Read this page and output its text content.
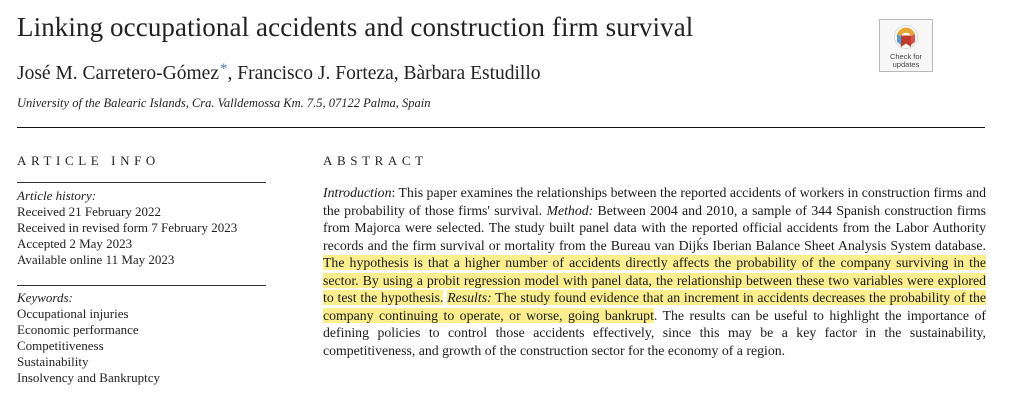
Linking occupational accidents and construction firm survival
José M. Carretero-Gómez*, Francisco J. Forteza, Bàrbara Estudillo
University of the Balearic Islands, Cra. Valldemossa Km. 7.5, 07122 Palma, Spain
Check for
updates
ARTICLE INFO	ABSTRACT
Article history:
Received 21 February 2022
Received in revised form 7 February 2023
Accepted 2 May 2023
Available online 11 May 2023
Keywords:
Occupational injuries
Economic performance
Competitiveness
Sustainability
Insolvency and Bankruptcy

Introduction: This paper examines the relationships between the reported accidents of workers in construction firms and the probability of those firms' survival. Method: Between 2004 and 2010, a sample of 344 Spanish construction firms from Majorca were selected. The study built panel data with the reported official accidents from the Labor Authority records and the firm survival or mortality from the Bureau van Dijḱs Iberian Balance Sheet Analysis System database. The hypothesis is that a higher number of accidents directly affects the probability of the company surviving in the sector. By using a probit regression model with panel data, the relationship between these two variables were explored to test the hypothesis. Results: The study found evidence that an increment in accidents decreases the probability of the company continuing to operate, or worse, going bankrupt. The results can be useful to highlight the importance of defining policies to control those accidents effectively, since this may be a key factor in the sustainability, competitiveness, and growth of the construction sector for the economy of a region.
